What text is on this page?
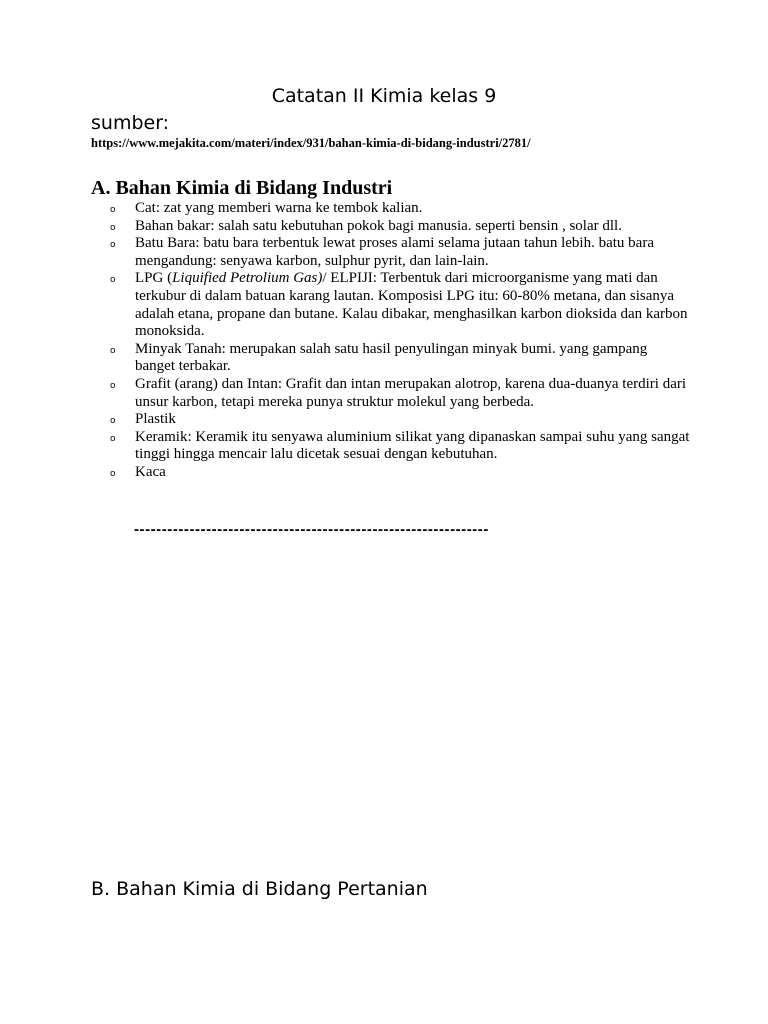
Catatan II Kimia kelas 9
sumber:
https://www.mejakita.com/materi/index/931/bahan-kimia-di-bidang-industri/2781/
A. Bahan Kimia di Bidang Industri
o Cat: zat yang memberi warna ke tembok kalian.
o Bahan bakar: salah satu kebutuhan pokok bagi manusia. seperti bensin , solar dll.
o Batu Bara: batu bara terbentuk lewat proses alami selama jutaan tahun lebih. batu bara mengandung: senyawa karbon, sulphur pyrit, dan lain-lain.
o LPG (Liquified Petrolium Gas)/ ELPIJI: Terbentuk dari microorganisme yang mati dan terkubur di dalam batuan karang lautan. Komposisi LPG itu: 60-80% metana, dan sisanya adalah etana, propane dan butane. Kalau dibakar, menghasilkan karbon dioksida dan karbon monoksida.
o Minyak Tanah: merupakan salah satu hasil penyulingan minyak bumi. yang gampang banget terbakar.
o Grafit (arang) dan Intan: Grafit dan intan merupakan alotrop, karena dua-duanya terdiri dari unsur karbon, tetapi mereka punya struktur molekul yang berbeda.
o Plastik
o Keramik: Keramik itu senyawa aluminium silikat yang dipanaskan sampai suhu yang sangat tinggi hingga mencair lalu dicetak sesuai dengan kebutuhan.
o Kaca
----------------------------------------------------------------
B. Bahan Kimia di Bidang Pertanian
